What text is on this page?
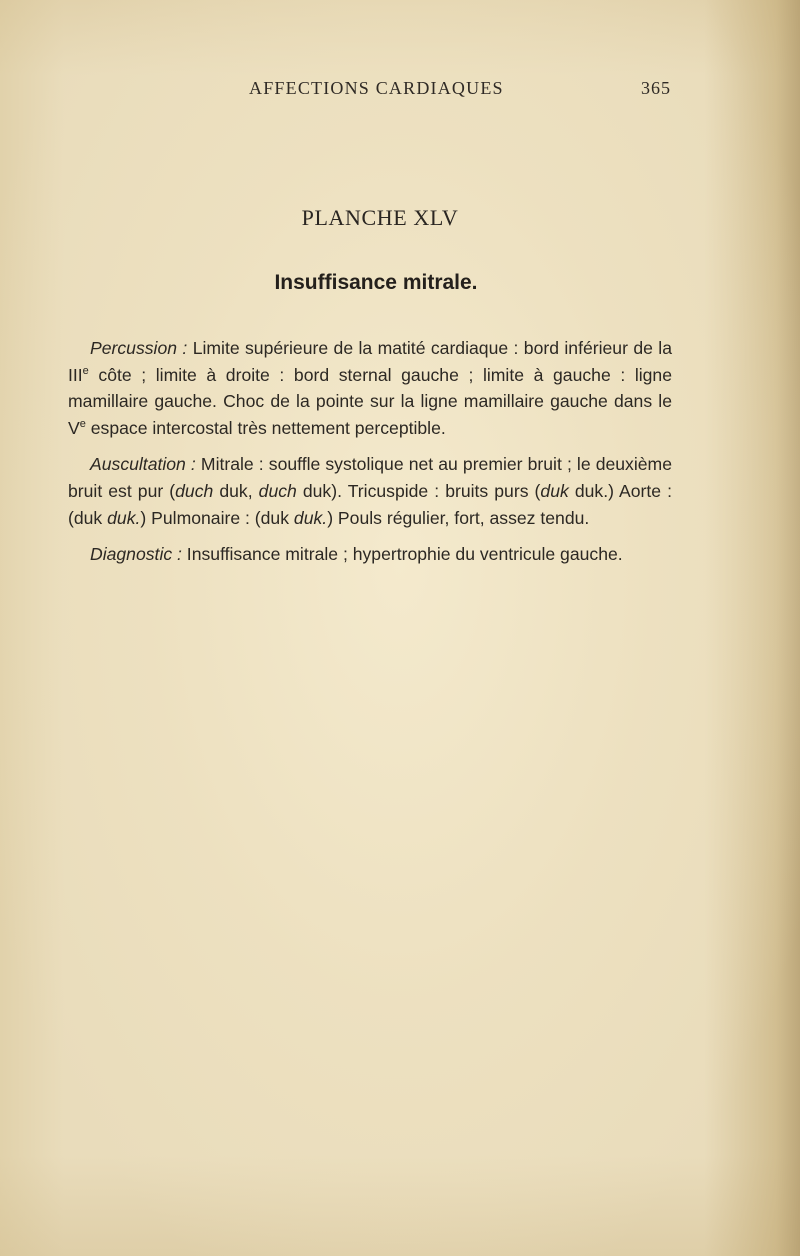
AFFECTIONS CARDIAQUES	365
PLANCHE XLV
Insuffisance mitrale.

Percussion : Limite supérieure de la matité cardiaque : bord inférieur de la IIIe côte ; limite à droite : bord sternal gauche ; limite à gauche : ligne mamillaire gauche. Choc de la pointe sur la ligne mamillaire gauche dans le Ve espace intercostal très nettement perceptible.

Auscultation : Mitrale : souffle systolique net au premier bruit ; le deuxième bruit est pur (duch duk, duch duk). Tricuspide : bruits purs (duk duk.) Aorte : (duk duk.) Pulmonaire : (duk duk.) Pouls régulier, fort, assez tendu.

Diagnostic : Insuffisance mitrale ; hypertrophie du ventricule gauche.
